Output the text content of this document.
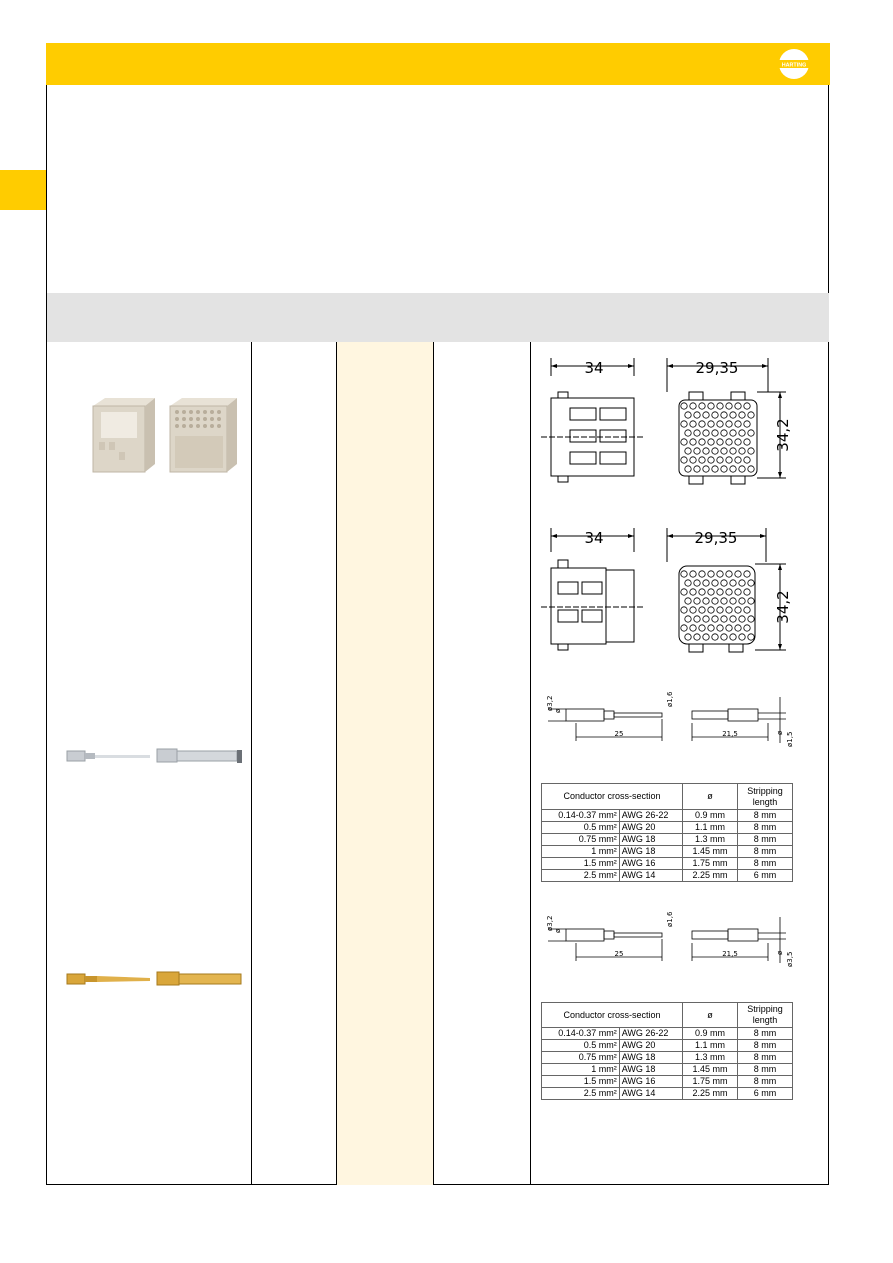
HARTING
34	29,35
34,2
34	29,35
34,2
ø3,2 ø
ø1,6
25	21,5	ø ø1,5
Conductor cross-section		ø	Stripping length
0.14-0.37 mm²	AWG 26-22	0.9 mm	8 mm
0.5 mm²	AWG 20	1.1 mm	8 mm
0.75 mm²	AWG 18	1.3 mm	8 mm
1 mm²	AWG 18	1.45 mm	8 mm
1.5 mm²	AWG 16	1.75 mm	8 mm
2.5 mm²	AWG 14	2.25 mm	6 mm
ø3,2 ø
ø1,6
25	21,5	ø ø3,5
Conductor cross-section		ø	Stripping length
0.14-0.37 mm²	AWG 26-22	0.9 mm	8 mm
0.5 mm²	AWG 20	1.1 mm	8 mm
0.75 mm²	AWG 18	1.3 mm	8 mm
1 mm²	AWG 18	1.45 mm	8 mm
1.5 mm²	AWG 16	1.75 mm	8 mm
2.5 mm²	AWG 14	2.25 mm	6 mm
